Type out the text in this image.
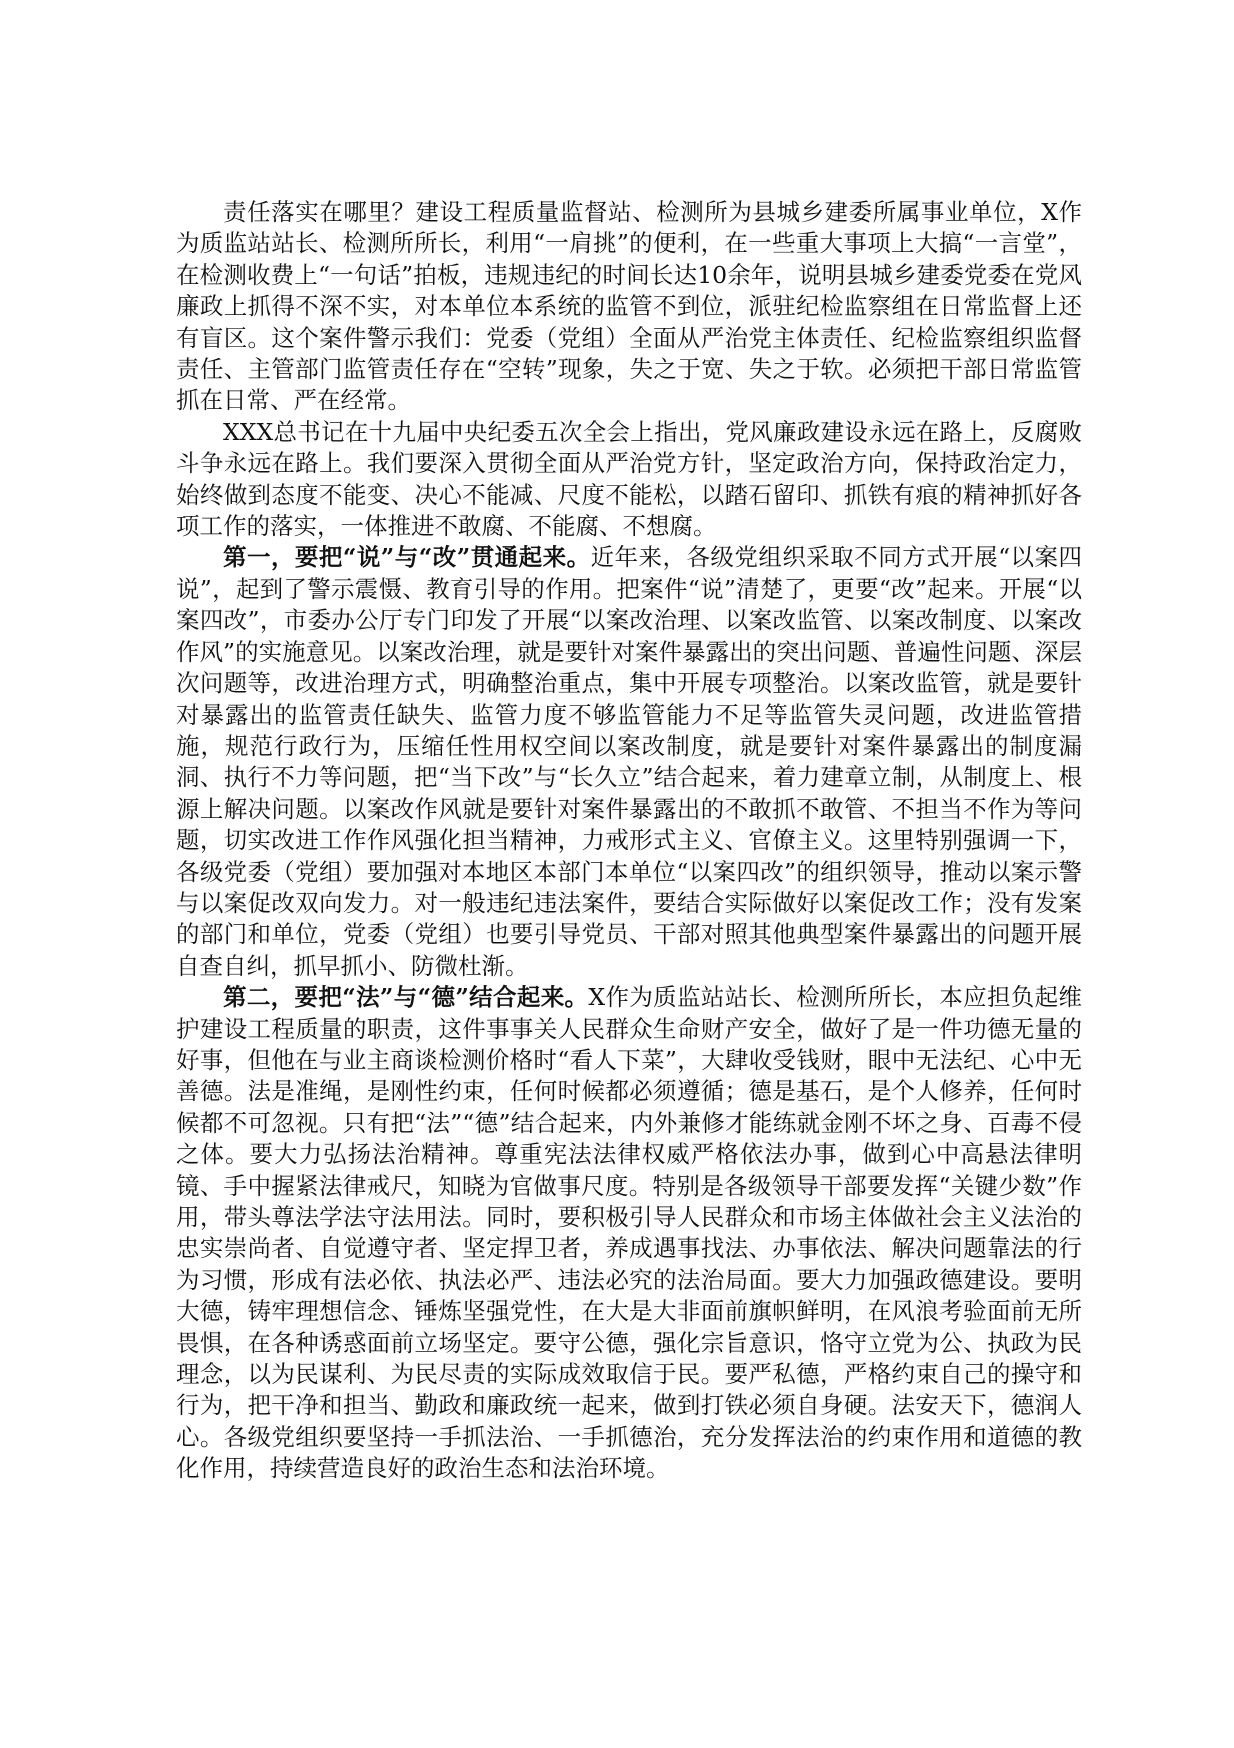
责任落实在哪里？建设工程质量监督站、检测所为县城乡建委所属事业单位，X作为质监站站长、检测所所长，利用“一肩挑”的便利，在一些重大事项上大搞“一言堂”，在检测收费上“一句话”拍板，违规违纪的时间长达10余年，说明县城乡建委党委在党风廉政上抓得不深不实，对本单位本系统的监管不到位，派驻纪检监察组在日常监督上还有盲区。这个案件警示我们：党委（党组）全面从严治党主体责任、纪检监察组织监督责任、主管部门监管责任存在“空转”现象，失之于宽、失之于软。必须把干部日常监管抓在日常、严在经常。

XXX总书记在十九届中央纪委五次全会上指出，党风廉政建设永远在路上，反腐败斗争永远在路上。我们要深入贯彻全面从严治党方针，坚定政治方向，保持政治定力，始终做到态度不能变、决心不能减、尺度不能松，以踏石留印、抓铁有痕的精神抓好各项工作的落实，一体推进不敢腐、不能腐、不想腐。

第一，要把“说”与“改”贯通起来。近年来，各级党组织采取不同方式开展“以案四说”，起到了警示震慑、教育引导的作用。把案件“说”清楚了，更要“改”起来。开展“以案四改”，市委办公厅专门印发了开展“以案改治理、以案改监管、以案改制度、以案改作风”的实施意见。以案改治理，就是要针对案件暴露出的突出问题、普遍性问题、深层次问题等，改进治理方式，明确整治重点，集中开展专项整治。以案改监管，就是要针对暴露出的监管责任缺失、监管力度不够监管能力不足等监管失灵问题，改进监管措施，规范行政行为，压缩任性用权空间以案改制度，就是要针对案件暴露出的制度漏洞、执行不力等问题，把“当下改”与“长久立”结合起来，着力建章立制，从制度上、根源上解决问题。以案改作风就是要针对案件暴露出的不敢抓不敢管、不担当不作为等问题，切实改进工作作风强化担当精神，力戒形式主义、官僚主义。这里特别强调一下，各级党委（党组）要加强对本地区本部门本单位“以案四改”的组织领导，推动以案示警与以案促改双向发力。对一般违纪违法案件，要结合实际做好以案促改工作；没有发案的部门和单位，党委（党组）也要引导党员、干部对照其他典型案件暴露出的问题开展自查自纠，抓早抓小、防微杜渐。

第二，要把“法”与“德”结合起来。X作为质监站站长、检测所所长，本应担负起维护建设工程质量的职责，这件事事关人民群众生命财产安全，做好了是一件功德无量的好事，但他在与业主商谈检测价格时“看人下菜”，大肆收受钱财，眼中无法纪、心中无善德。法是准绳，是刚性约束，任何时候都必须遵循；德是基石，是个人修养，任何时候都不可忽视。只有把“法”“德”结合起来，内外兼修才能练就金刚不坏之身、百毒不侵之体。要大力弘扬法治精神。尊重宪法法律权威严格依法办事，做到心中高悬法律明镜、手中握紧法律戒尺，知晓为官做事尺度。特别是各级领导干部要发挥“关键少数”作用，带头尊法学法守法用法。同时，要积极引导人民群众和市场主体做社会主义法治的忠实崇尚者、自觉遵守者、坚定捍卫者，养成遇事找法、办事依法、解决问题靠法的行为习惯，形成有法必依、执法必严、违法必究的法治局面。要大力加强政德建设。要明大德，铸牢理想信念、锤炼坚强党性，在大是大非面前旗帜鲜明，在风浪考验面前无所畏惧，在各种诱惑面前立场坚定。要守公德，强化宗旨意识，恪守立党为公、执政为民理念，以为民谋利、为民尽责的实际成效取信于民。要严私德，严格约束自己的操守和行为，把干净和担当、勤政和廉政统一起来，做到打铁必须自身硬。法安天下，德润人心。各级党组织要坚持一手抓法治、一手抓德治，充分发挥法治的约束作用和道德的教化作用，持续营造良好的政治生态和法治环境。
